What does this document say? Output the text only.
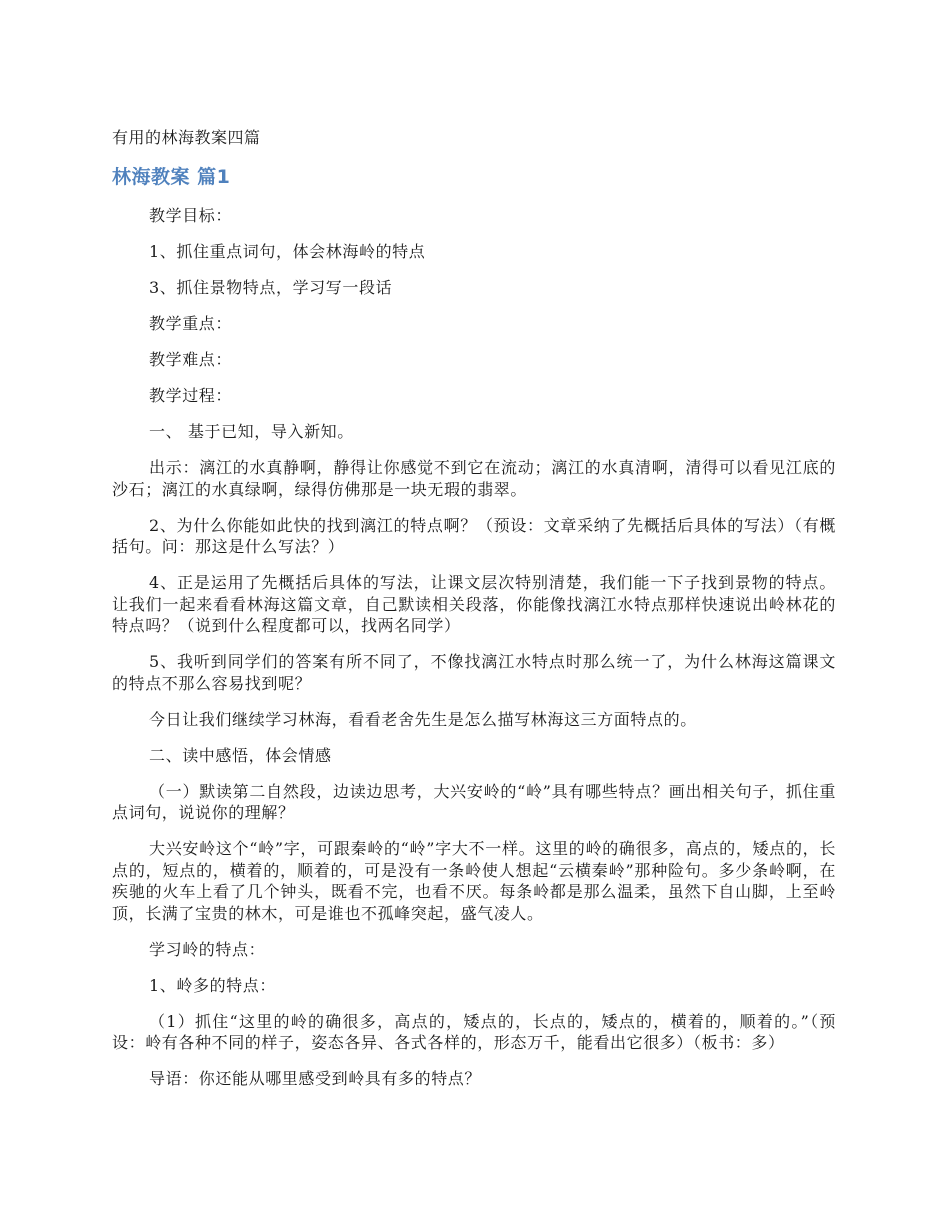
有用的林海教案四篇
林海教案 篇1

教学目标：

1、抓住重点词句，体会林海岭的特点

3、抓住景物特点，学习写一段话

教学重点：

教学难点：

教学过程：

一、 基于已知，导入新知。

出示：漓江的水真静啊，静得让你感觉不到它在流动；漓江的水真清啊，清得可以看见江底的沙石；漓江的水真绿啊，绿得仿佛那是一块无瑕的翡翠。

2、为什么你能如此快的找到漓江的特点啊？（预设：文章采纳了先概括后具体的写法）（有概括句。问：那这是什么写法？）

4、正是运用了先概括后具体的写法，让课文层次特别清楚，我们能一下子找到景物的特点。让我们一起来看看林海这篇文章，自己默读相关段落，你能像找漓江水特点那样快速说出岭林花的特点吗？（说到什么程度都可以，找两名同学）

5、我听到同学们的答案有所不同了，不像找漓江水特点时那么统一了，为什么林海这篇课文的特点不那么容易找到呢？

今日让我们继续学习林海，看看老舍先生是怎么描写林海这三方面特点的。

二、读中感悟，体会情感

（一）默读第二自然段，边读边思考，大兴安岭的“岭”具有哪些特点？画出相关句子，抓住重点词句，说说你的理解？

大兴安岭这个“岭”字，可跟秦岭的“岭”字大不一样。这里的岭的确很多，高点的，矮点的，长点的，短点的，横着的，顺着的，可是没有一条岭使人想起“云横秦岭”那种险句。多少条岭啊，在疾驰的火车上看了几个钟头，既看不完，也看不厌。每条岭都是那么温柔，虽然下自山脚，上至岭顶，长满了宝贵的林木，可是谁也不孤峰突起，盛气凌人。

学习岭的特点：

1、岭多的特点：

（1）抓住“这里的岭的确很多，高点的，矮点的，长点的，矮点的，横着的，顺着的。”（预设：岭有各种不同的样子，姿态各异、各式各样的，形态万千，能看出它很多）（板书：多）

导语：你还能从哪里感受到岭具有多的特点？
